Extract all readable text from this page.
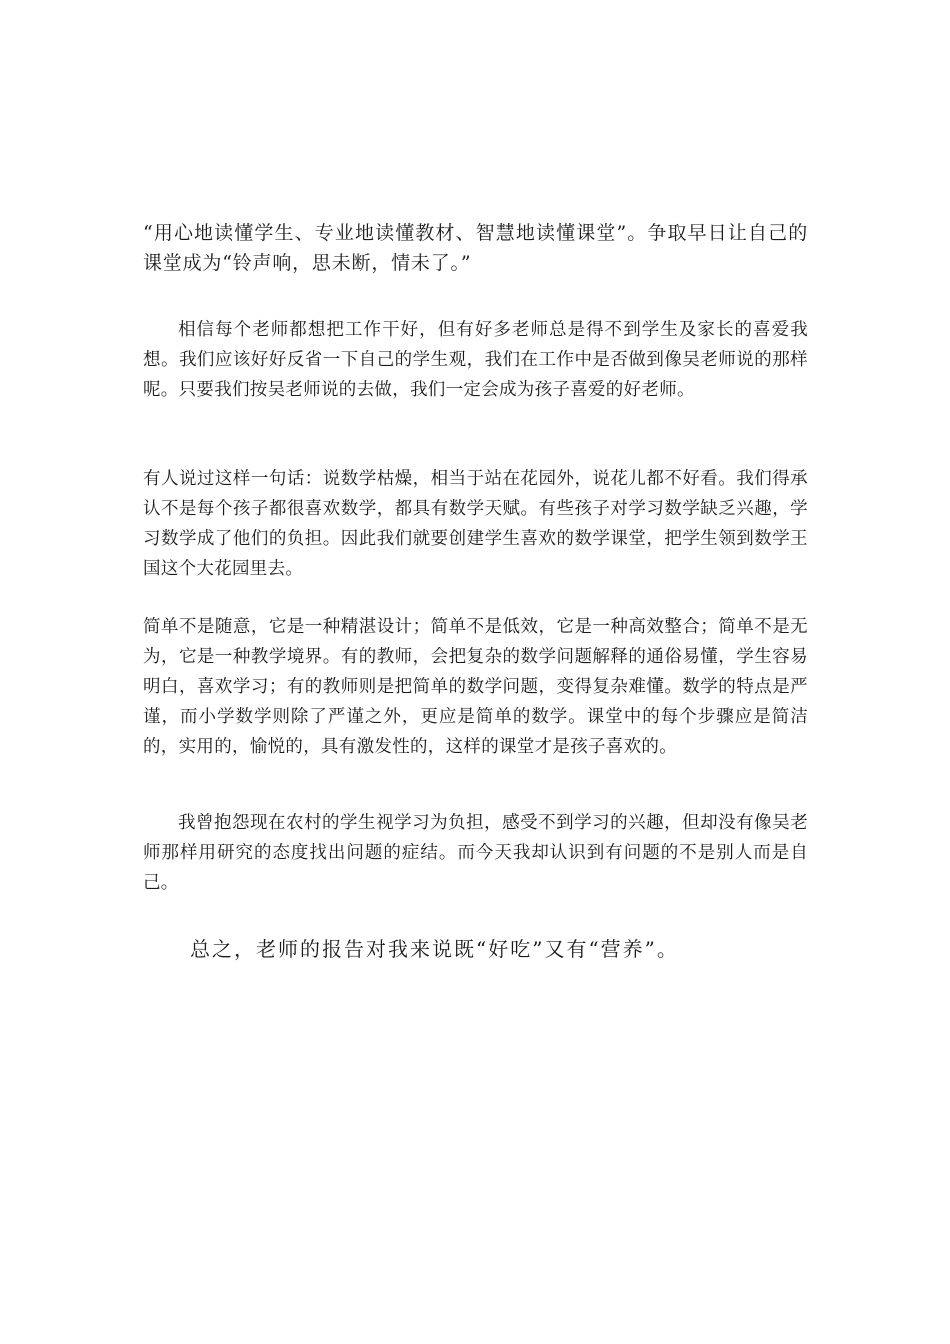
“用心地读懂学生、专业地读懂教材、智慧地读懂课堂”。争取早日让自己的课堂成为“铃声响，思未断，情未了。”

相信每个老师都想把工作干好，但有好多老师总是得不到学生及家长的喜爱我想。我们应该好好反省一下自己的学生观，我们在工作中是否做到像吴老师说的那样呢。只要我们按吴老师说的去做，我们一定会成为孩子喜爱的好老师。

有人说过这样一句话：说数学枯燥，相当于站在花园外，说花儿都不好看。我们得承认不是每个孩子都很喜欢数学，都具有数学天赋。有些孩子对学习数学缺乏兴趣，学习数学成了他们的负担。因此我们就要创建学生喜欢的数学课堂，把学生领到数学王国这个大花园里去。

简单不是随意，它是一种精湛设计；简单不是低效，它是一种高效整合；简单不是无为，它是一种教学境界。有的教师，会把复杂的数学问题解释的通俗易懂，学生容易明白，喜欢学习；有的教师则是把简单的数学问题，变得复杂难懂。数学的特点是严谨，而小学数学则除了严谨之外，更应是简单的数学。课堂中的每个步骤应是简洁的，实用的，愉悦的，具有激发性的，这样的课堂才是孩子喜欢的。

我曾抱怨现在农村的学生视学习为负担，感受不到学习的兴趣，但却没有像吴老师那样用研究的态度找出问题的症结。而今天我却认识到有问题的不是别人而是自己。

总之，老师的报告对我来说既“好吃”又有“营养”。
